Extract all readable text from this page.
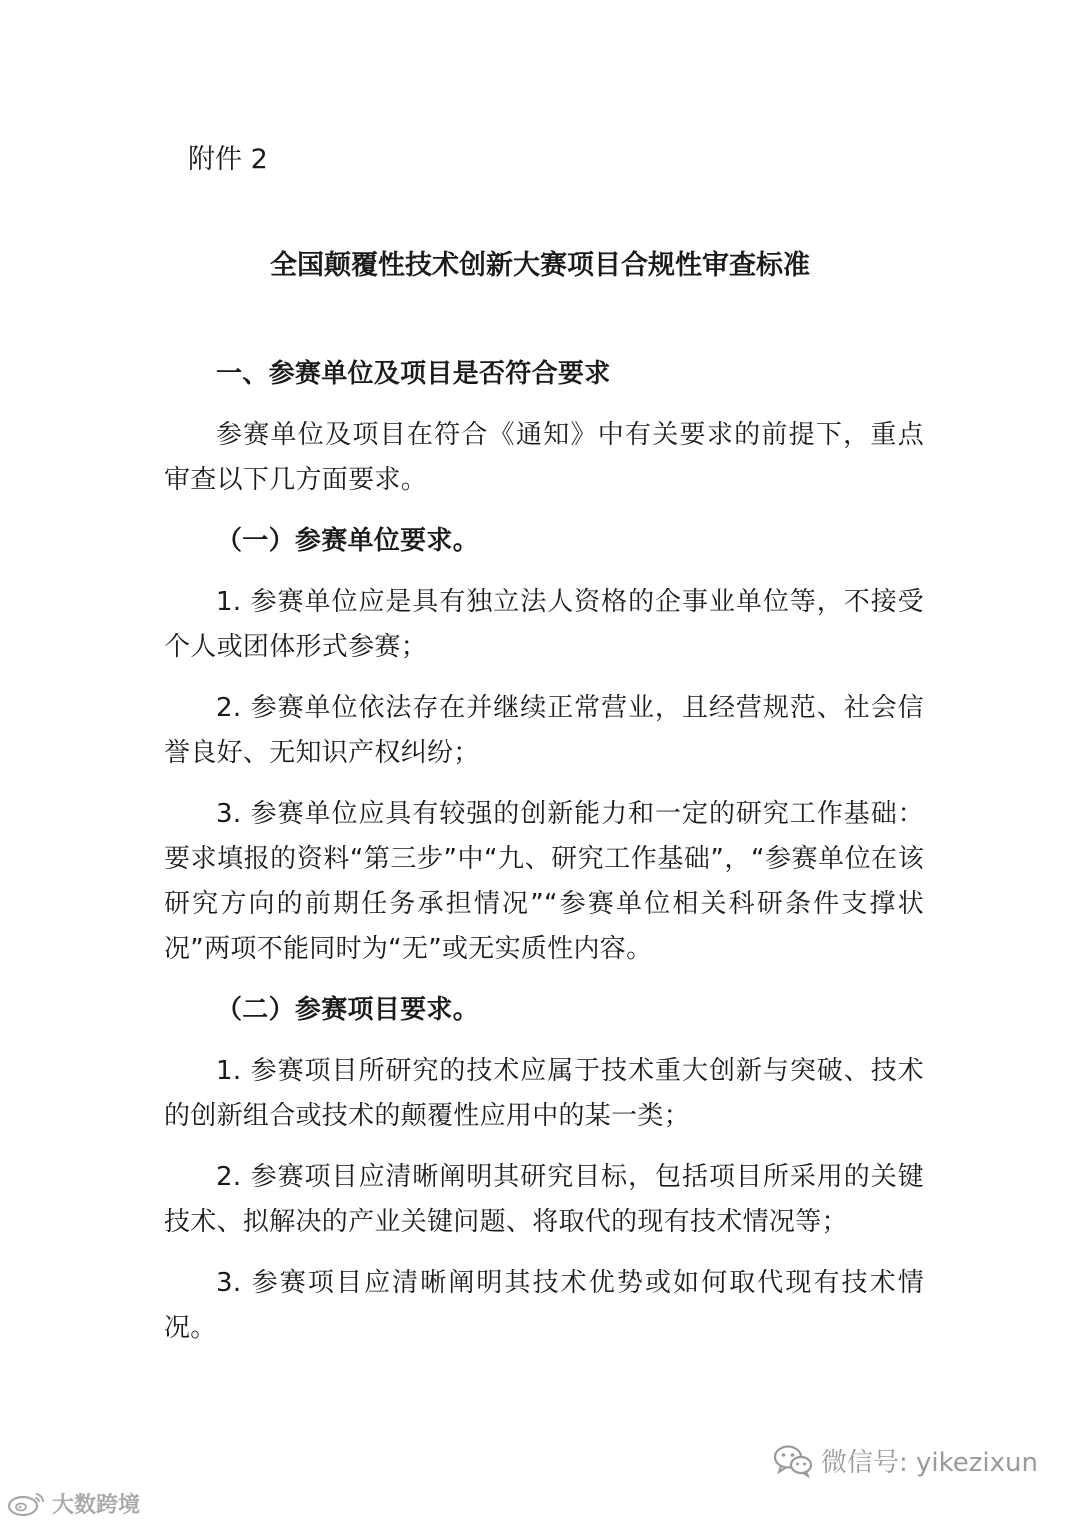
附件 2
全国颠覆性技术创新大赛项目合规性审查标准

一、参赛单位及项目是否符合要求

参赛单位及项目在符合《通知》中有关要求的前提下，重点审查以下几方面要求。

（一）参赛单位要求。

1. 参赛单位应是具有独立法人资格的企事业单位等，不接受个人或团体形式参赛；

2. 参赛单位依法存在并继续正常营业，且经营规范、社会信誉良好、无知识产权纠纷；

3. 参赛单位应具有较强的创新能力和一定的研究工作基础：要求填报的资料“第三步”中“九、研究工作基础”，“参赛单位在该研究方向的前期任务承担情况”“参赛单位相关科研条件支撑状况”两项不能同时为“无”或无实质性内容。

（二）参赛项目要求。

1. 参赛项目所研究的技术应属于技术重大创新与突破、技术的创新组合或技术的颠覆性应用中的某一类；

2. 参赛项目应清晰阐明其研究目标，包括项目所采用的关键技术、拟解决的产业关键问题、将取代的现有技术情况等；

3. 参赛项目应清晰阐明其技术优势或如何取代现有技术情况。

微信号: yikezixun
大数跨境
